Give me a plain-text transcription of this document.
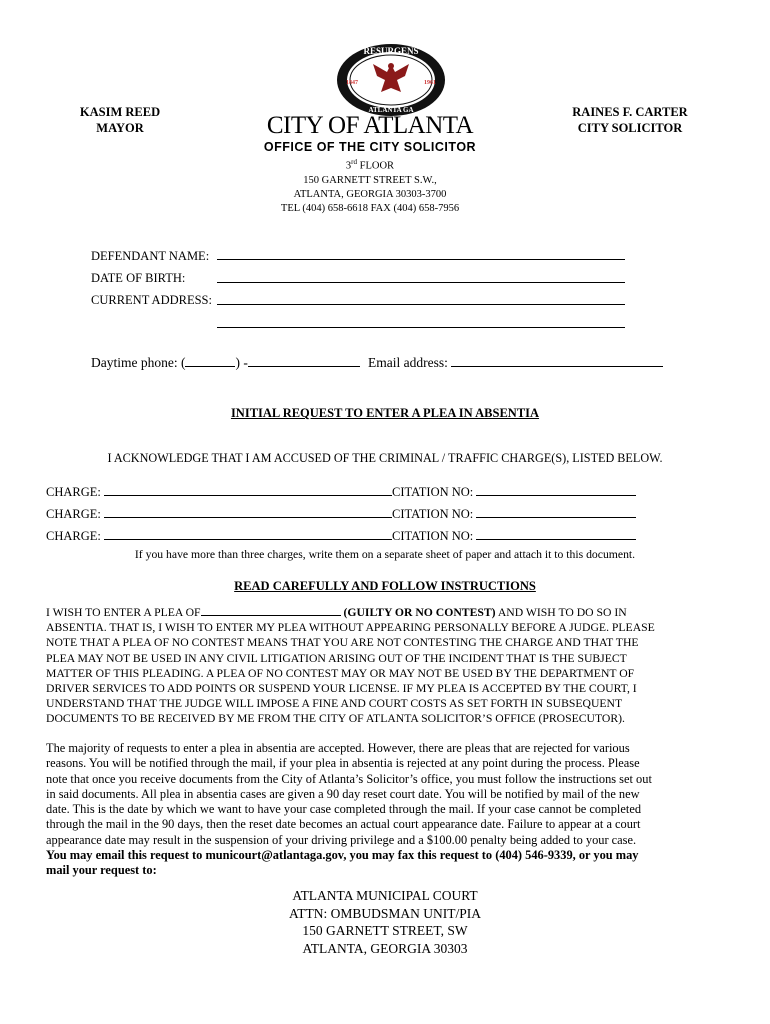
RESURGENS
ATLANTA GA
1847	1961
KASIM REED
MAYOR
RAINES F. CARTER
CITY SOLICITOR
CITY OF ATLANTA
OFFICE OF THE CITY SOLICITOR
3rd FLOOR
150 GARNETT STREET S.W.,
ATLANTA, GEORGIA 30303-3700
TEL (404) 658-6618 FAX (404) 658-7956
DEFENDANT NAME:
DATE OF BIRTH:
CURRENT ADDRESS:
Daytime phone: (	) -	Email address:
INITIAL REQUEST TO ENTER A PLEA IN ABSENTIA
I ACKNOWLEDGE THAT I AM ACCUSED OF THE CRIMINAL / TRAFFIC CHARGE(S), LISTED BELOW.
CHARGE:	CITATION NO:
CHARGE:	CITATION NO:
CHARGE:	CITATION NO:
If you have more than three charges, write them on a separate sheet of paper and attach it to this document.
READ CAREFULLY AND FOLLOW INSTRUCTIONS
I WISH TO ENTER A PLEA OF	(GUILTY OR NO CONTEST) AND WISH TO DO SO IN
ABSENTIA. THAT IS, I WISH TO ENTER MY PLEA WITHOUT APPEARING PERSONALLY BEFORE A JUDGE. PLEASE
NOTE THAT A PLEA OF NO CONTEST MEANS THAT YOU ARE NOT CONTESTING THE CHARGE AND THAT THE
PLEA MAY NOT BE USED IN ANY CIVIL LITIGATION ARISING OUT OF THE INCIDENT THAT IS THE SUBJECT
MATTER OF THIS PLEADING. A PLEA OF NO CONTEST MAY OR MAY NOT BE USED BY THE DEPARTMENT OF
DRIVER SERVICES TO ADD POINTS OR SUSPEND YOUR LICENSE. IF MY PLEA IS ACCEPTED BY THE COURT, I
UNDERSTAND THAT THE JUDGE WILL IMPOSE A FINE AND COURT COSTS AS SET FORTH IN SUBSEQUENT
DOCUMENTS TO BE RECEIVED BY ME FROM THE CITY OF ATLANTA SOLICITOR’S OFFICE (PROSECUTOR).
The majority of requests to enter a plea in absentia are accepted. However, there are pleas that are rejected for various
reasons. You will be notified through the mail, if your plea in absentia is rejected at any point during the process. Please
note that once you receive documents from the City of Atlanta’s Solicitor’s office, you must follow the instructions set out
in said documents. All plea in absentia cases are given a 90 day reset court date. You will be notified by mail of the new
date. This is the date by which we want to have your case completed through the mail. If your case cannot be completed
through the mail in the 90 days, then the reset date becomes an actual court appearance date. Failure to appear at a court
appearance date may result in the suspension of your driving privilege and a $100.00 penalty being added to your case.
You may email this request to municourt@atlantaga.gov, you may fax this request to (404) 546-9339, or you may
mail your request to:
ATLANTA MUNICIPAL COURT
ATTN: OMBUDSMAN UNIT/PIA
150 GARNETT STREET, SW
ATLANTA, GEORGIA 30303
